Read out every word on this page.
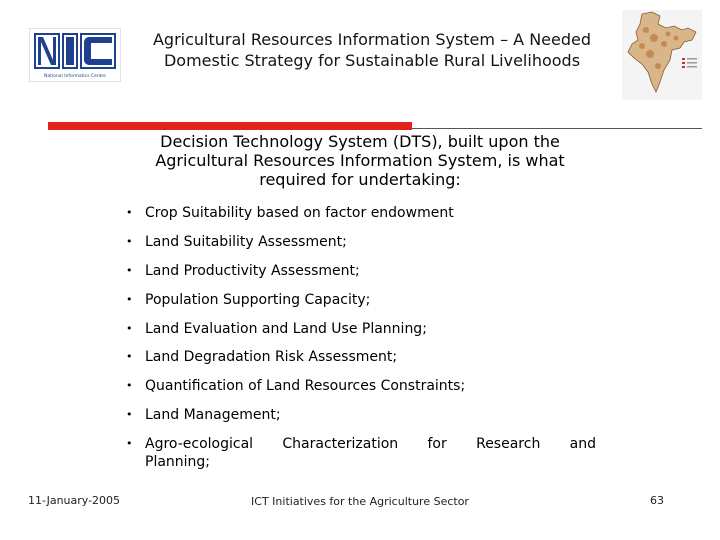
National Informatics Centre
Agricultural Resources Information System – A Needed Domestic Strategy for Sustainable Rural Livelihoods
Decision Technology System (DTS), built upon the Agricultural Resources Information System, is what required for undertaking:
• Crop Suitability based on factor endowment
• Land Suitability Assessment;
• Land Productivity Assessment;
• Population Supporting Capacity;
• Land Evaluation and Land Use Planning;
• Land Degradation Risk Assessment;
• Quantification of Land Resources Constraints;
• Land Management;
• Agro-ecological Characterization for Research and
Planning;
11-January-2005	ICT Initiatives for the Agriculture Sector	63
